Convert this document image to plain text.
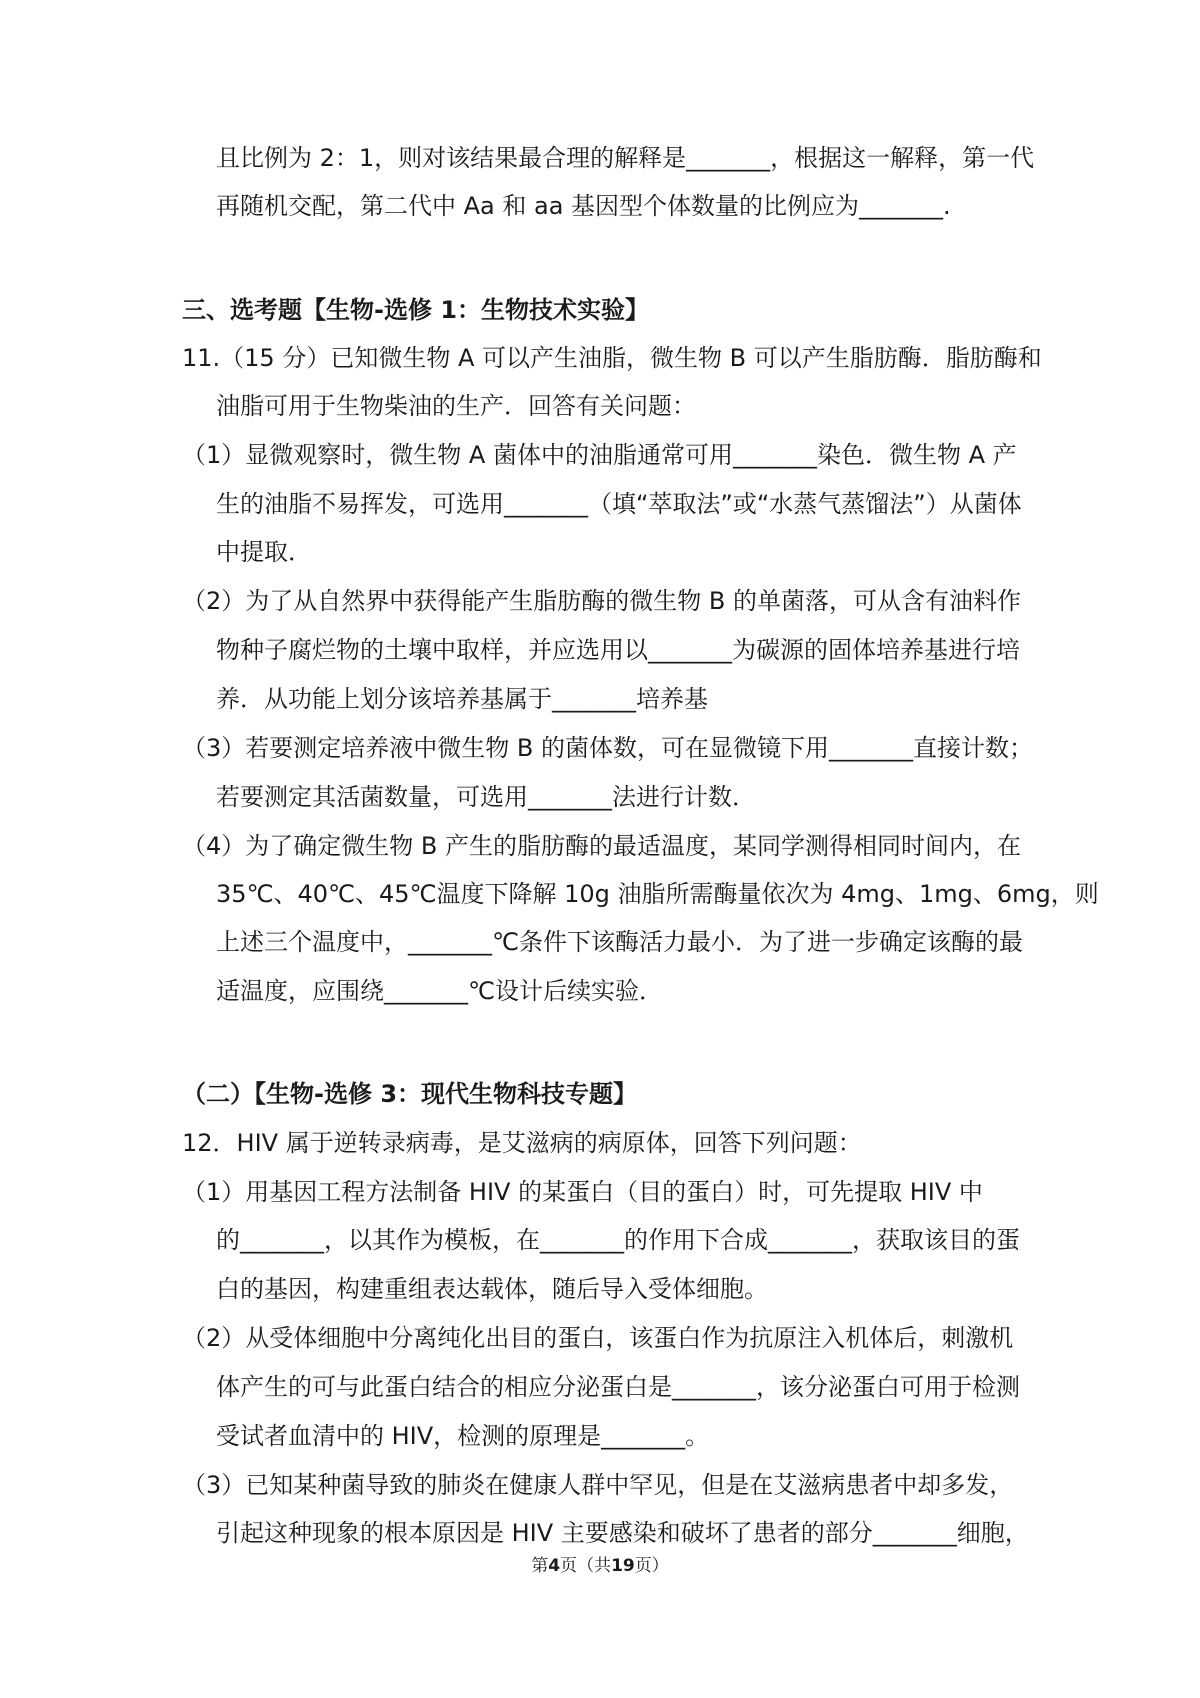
且比例为 2：1，则对该结果最合理的解释是_______，根据这一解释，第一代
再随机交配，第二代中 Aa 和 aa 基因型个体数量的比例应为_______.
三、选考题【生物-选修 1：生物技术实验】
11.（15 分）已知微生物 A 可以产生油脂，微生物 B 可以产生脂肪酶．脂肪酶和
油脂可用于生物柴油的生产．回答有关问题：
（1）显微观察时，微生物 A 菌体中的油脂通常可用_______染色．微生物 A 产
生的油脂不易挥发，可选用_______（填“萃取法”或“水蒸气蒸馏法”）从菌体
中提取．
（2）为了从自然界中获得能产生脂肪酶的微生物 B 的单菌落，可从含有油料作
物种子腐烂物的土壤中取样，并应选用以_______为碳源的固体培养基进行培
养．从功能上划分该培养基属于_______培养基
（3）若要测定培养液中微生物 B 的菌体数，可在显微镜下用_______直接计数；
若要测定其活菌数量，可选用_______法进行计数．
（4）为了确定微生物 B 产生的脂肪酶的最适温度，某同学测得相同时间内，在
35℃、40℃、45℃温度下降解 10g 油脂所需酶量依次为 4mg、1mg、6mg，则
上述三个温度中，_______℃条件下该酶活力最小．为了进一步确定该酶的最
适温度，应围绕_______℃设计后续实验．
（二）【生物-选修 3：现代生物科技专题】
12．HIV 属于逆转录病毒，是艾滋病的病原体，回答下列问题：
（1）用基因工程方法制备 HIV 的某蛋白（目的蛋白）时，可先提取 HIV 中
的_______，以其作为模板，在_______的作用下合成_______，获取该目的蛋
白的基因，构建重组表达载体，随后导入受体细胞。
（2）从受体细胞中分离纯化出目的蛋白，该蛋白作为抗原注入机体后，刺激机
体产生的可与此蛋白结合的相应分泌蛋白是_______，该分泌蛋白可用于检测
受试者血清中的 HIV，检测的原理是_______。
（3）已知某种菌导致的肺炎在健康人群中罕见，但是在艾滋病患者中却多发，
引起这种现象的根本原因是 HIV 主要感染和破坏了患者的部分_______细胞，
第4页（共19页）
